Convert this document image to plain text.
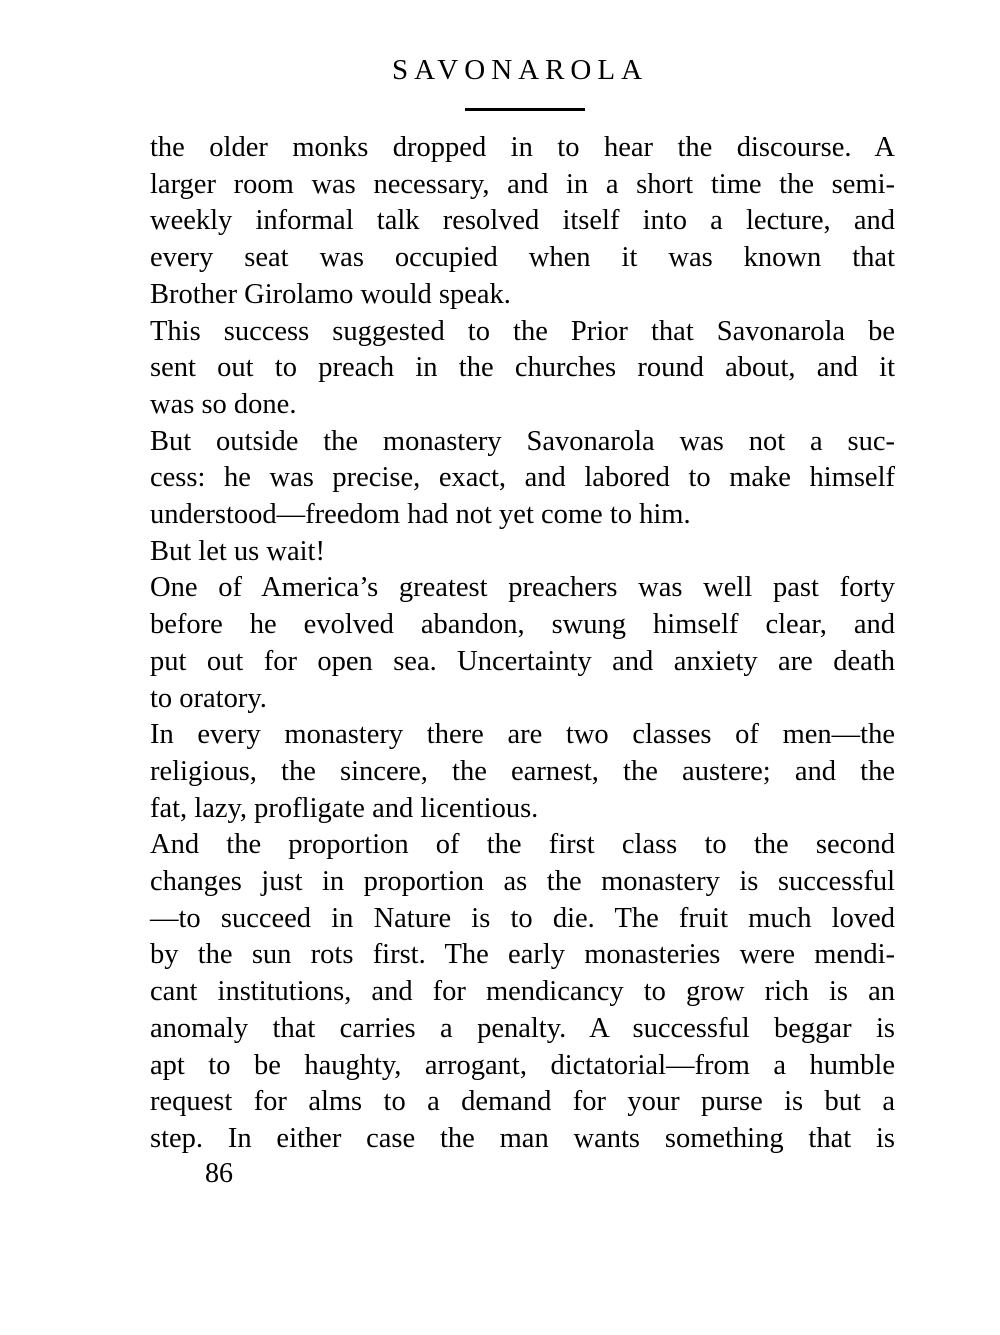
SAVONAROLA
the older monks dropped in to hear the discourse. A
larger room was necessary, and in a short time the semi-
weekly informal talk resolved itself into a lecture, and
every seat was occupied when it was known that
Brother Girolamo would speak.
This success suggested to the Prior that Savonarola be
sent out to preach in the churches round about, and it
was so done.
But outside the monastery Savonarola was not a suc-
cess: he was precise, exact, and labored to make himself
understood—freedom had not yet come to him.
But let us wait!
One of America’s greatest preachers was well past forty
before he evolved abandon, swung himself clear, and
put out for open sea. Uncertainty and anxiety are death
to oratory.
In every monastery there are two classes of men—the
religious, the sincere, the earnest, the austere; and the
fat, lazy, profligate and licentious.
And the proportion of the first class to the second
changes just in proportion as the monastery is successful
—to succeed in Nature is to die. The fruit much loved
by the sun rots first. The early monasteries were mendi-
cant institutions, and for mendicancy to grow rich is an
anomaly that carries a penalty. A successful beggar is
apt to be haughty, arrogant, dictatorial—from a humble
request for alms to a demand for your purse is but a
step. In either case the man wants something that is
86
